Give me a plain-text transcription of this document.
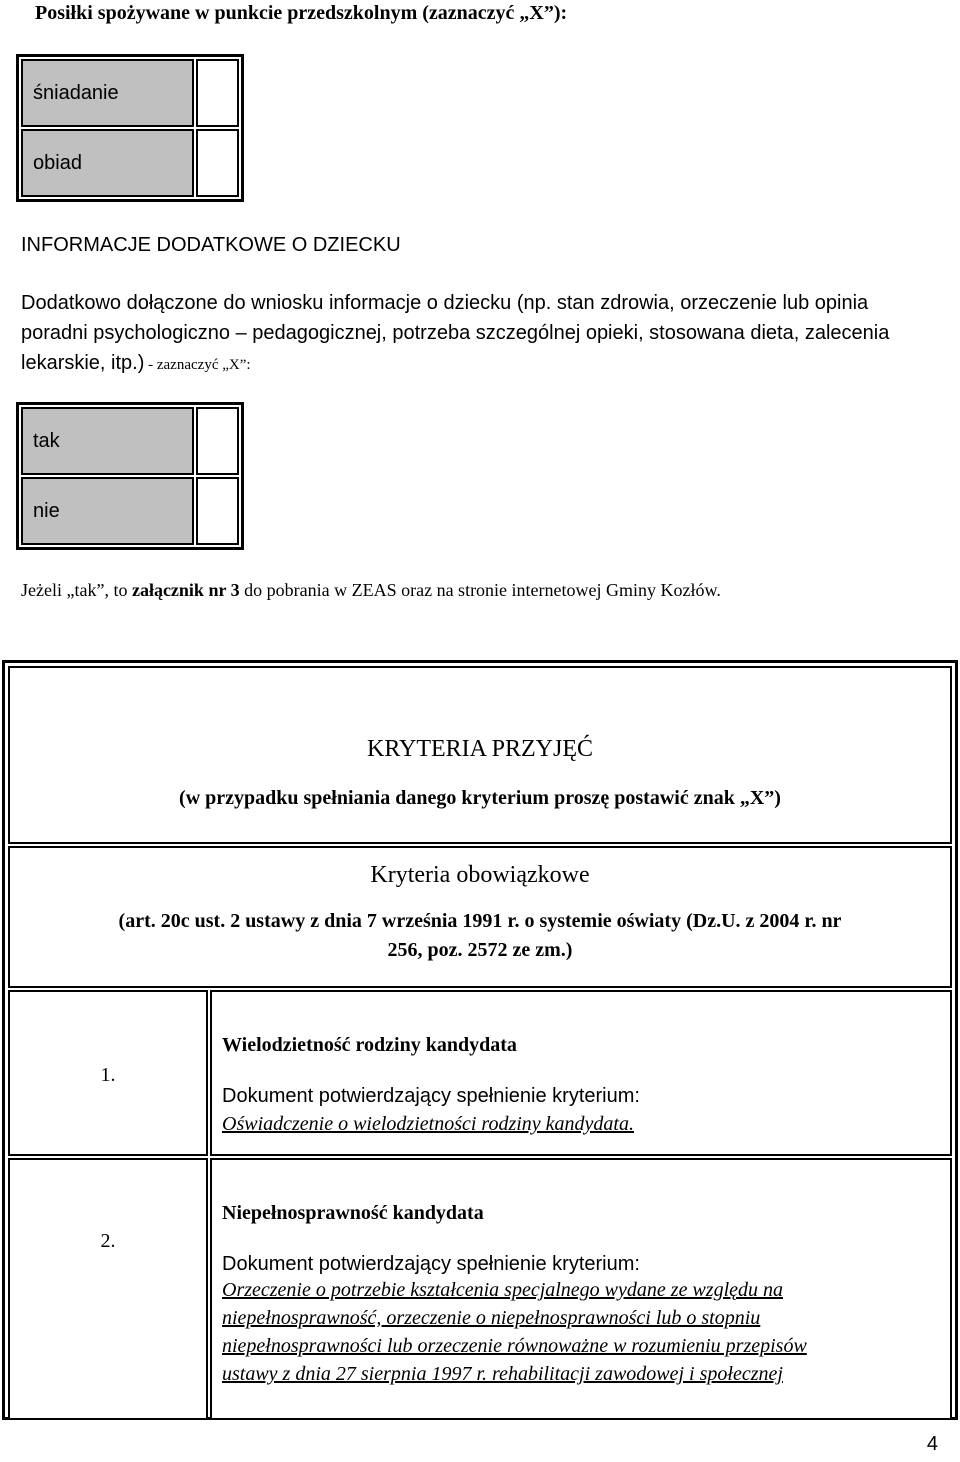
Posiłki spożywane w punkcie przedszkolnym (zaznaczyć „X”):
śniadanie
obiad
INFORMACJE DODATKOWE O DZIECKU
Dodatkowo dołączone do wniosku informacje o dziecku (np. stan zdrowia, orzeczenie lub opinia poradni psychologiczno – pedagogicznej, potrzeba szczególnej opieki, stosowana dieta, zalecenia lekarskie, itp.) - zaznaczyć „X”:
tak
nie
Jeżeli „tak”, to załącznik nr 3 do pobrania w ZEAS oraz na stronie internetowej Gminy Kozłów.
KRYTERIA PRZYJĘĆ
(w przypadku spełniania danego kryterium proszę postawić znak „X”)
Kryteria obowiązkowe
(art. 20c ust. 2 ustawy z dnia 7 września 1991 r. o systemie oświaty (Dz.U. z 2004 r. nr
256, poz. 2572 ze zm.)
1.
Wielodzietność rodziny kandydata
Dokument potwierdzający spełnienie kryterium:
Oświadczenie o wielodzietności rodziny kandydata.
2.
Niepełnosprawność kandydata
Dokument potwierdzający spełnienie kryterium:
Orzeczenie o potrzebie kształcenia specjalnego wydane ze względu na
niepełnosprawność, orzeczenie o niepełnosprawności lub o stopniu
niepełnosprawności lub orzeczenie równoważne w rozumieniu przepisów
ustawy z dnia 27 sierpnia 1997 r. rehabilitacji zawodowej i społecznej
4
